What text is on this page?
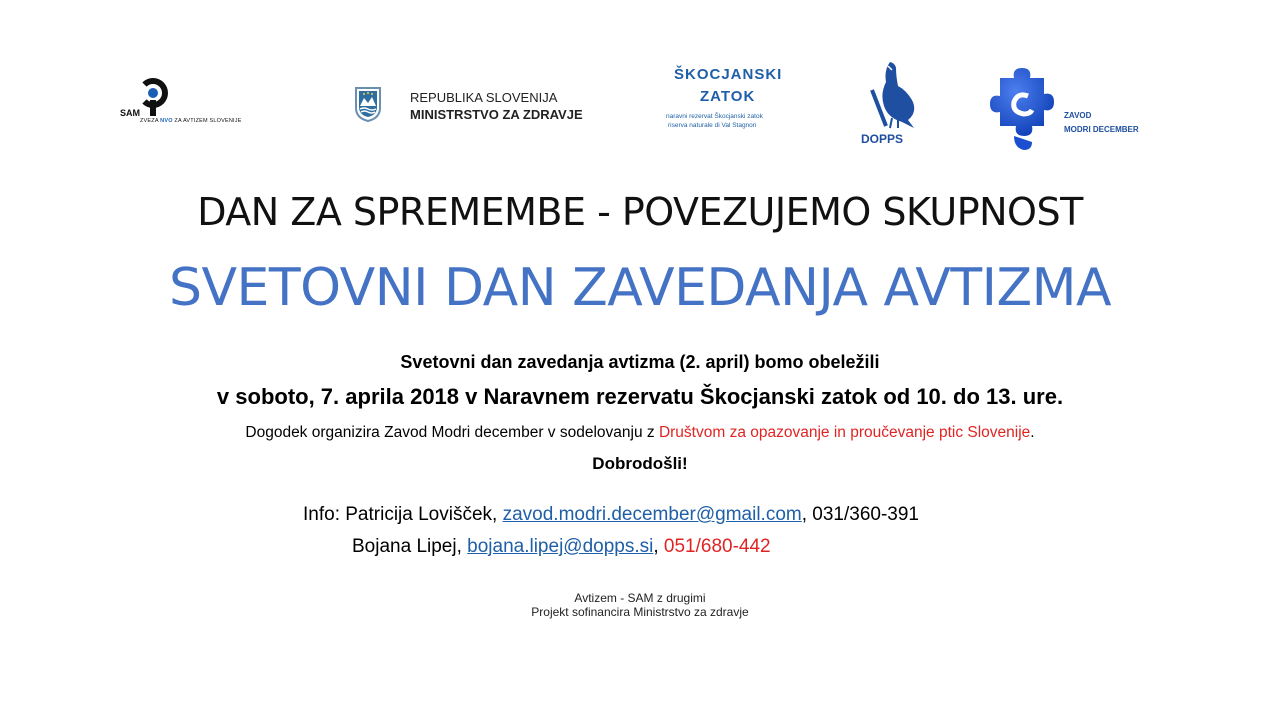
SAM
ZVEZA NVO ZA AVTIZEM SLOVENIJE
REPUBLIKA SLOVENIJA
MINISTRSTVO ZA ZDRAVJE
ŠKOCJANSKI
ZATOK
naravni rezervat Škocjanski zatok
riserva naturale di Val Stagnon
DOPPS
ZAVOD
MODRI DECEMBER
DAN ZA SPREMEMBE - POVEZUJEMO SKUPNOST
SVETOVNI DAN ZAVEDANJA AVTIZMA
Svetovni dan zavedanja avtizma (2. april) bomo obeležili
v soboto, 7. aprila 2018 v Naravnem rezervatu Škocjanski zatok od 10. do 13. ure.
Dogodek organizira Zavod Modri december v sodelovanju z Društvom za opazovanje in proučevanje ptic Slovenije.
Dobrodošli!
Info: Patricija Lovišček, zavod.modri.december@gmail.com, 031/360-391
Bojana Lipej, bojana.lipej@dopps.si, 051/680-442
Avtizem - SAM z drugimi
Projekt sofinancira Ministrstvo za zdravje
